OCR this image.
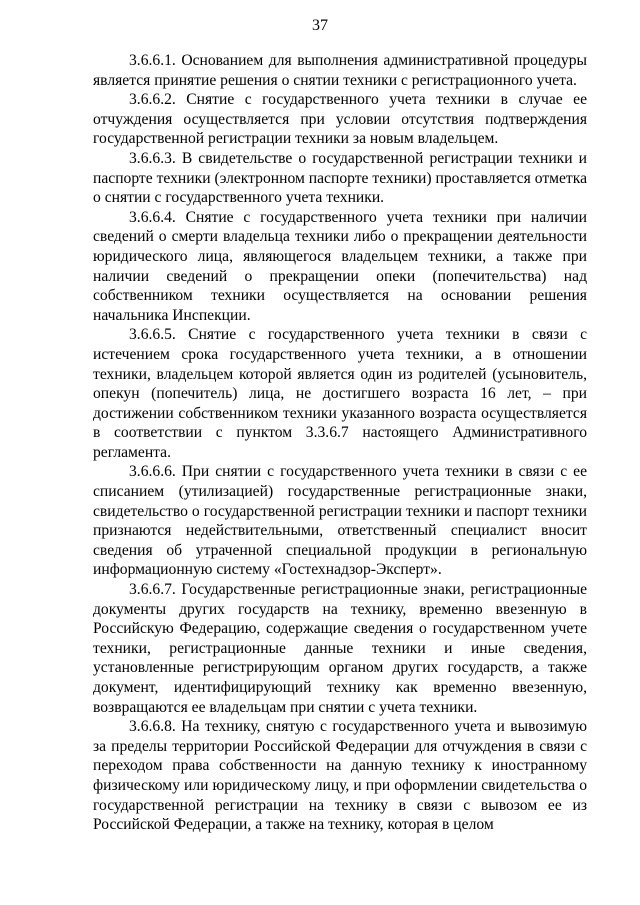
37

3.6.6.1. Основанием для выполнения административной процедуры является принятие решения о снятии техники с регистрационного учета.

3.6.6.2. Снятие с государственного учета техники в случае ее отчуждения осуществляется при условии отсутствия подтверждения государственной регистрации техники за новым владельцем.

3.6.6.3. В свидетельстве о государственной регистрации техники и паспорте техники (электронном паспорте техники) проставляется отметка о снятии с государственного учета техники.

3.6.6.4. Снятие с государственного учета техники при наличии сведений о смерти владельца техники либо о прекращении деятельности юридического лица, являющегося владельцем техники, а также при наличии сведений о прекращении опеки (попечительства) над собственником техники осуществляется на основании решения начальника Инспекции.

3.6.6.5. Снятие с государственного учета техники в связи с истечением срока государственного учета техники, а в отношении техники, владельцем которой является один из родителей (усыновитель, опекун (попечитель) лица, не достигшего возраста 16 лет, – при достижении собственником техники указанного возраста осуществляется в соответствии с пунктом 3.3.6.7 настоящего Административного регламента.

3.6.6.6. При снятии с государственного учета техники в связи с ее списанием (утилизацией) государственные регистрационные знаки, свидетельство о государственной регистрации техники и паспорт техники признаются недействительными, ответственный специалист вносит сведения об утраченной специальной продукции в региональную информационную систему «Гостехнадзор-Эксперт».

3.6.6.7. Государственные регистрационные знаки, регистрационные документы других государств на технику, временно ввезенную в Российскую Федерацию, содержащие сведения о государственном учете техники, регистрационные данные техники и иные сведения, установленные регистрирующим органом других государств, а также документ, идентифицирующий технику как временно ввезенную, возвращаются ее владельцам при снятии с учета техники.

3.6.6.8. На технику, снятую с государственного учета и вывозимую за пределы территории Российской Федерации для отчуждения в связи с переходом права собственности на данную технику к иностранному физическому или юридическому лицу, и при оформлении свидетельства о государственной регистрации на технику в связи с вывозом ее из Российской Федерации, а также на технику, которая в целом
